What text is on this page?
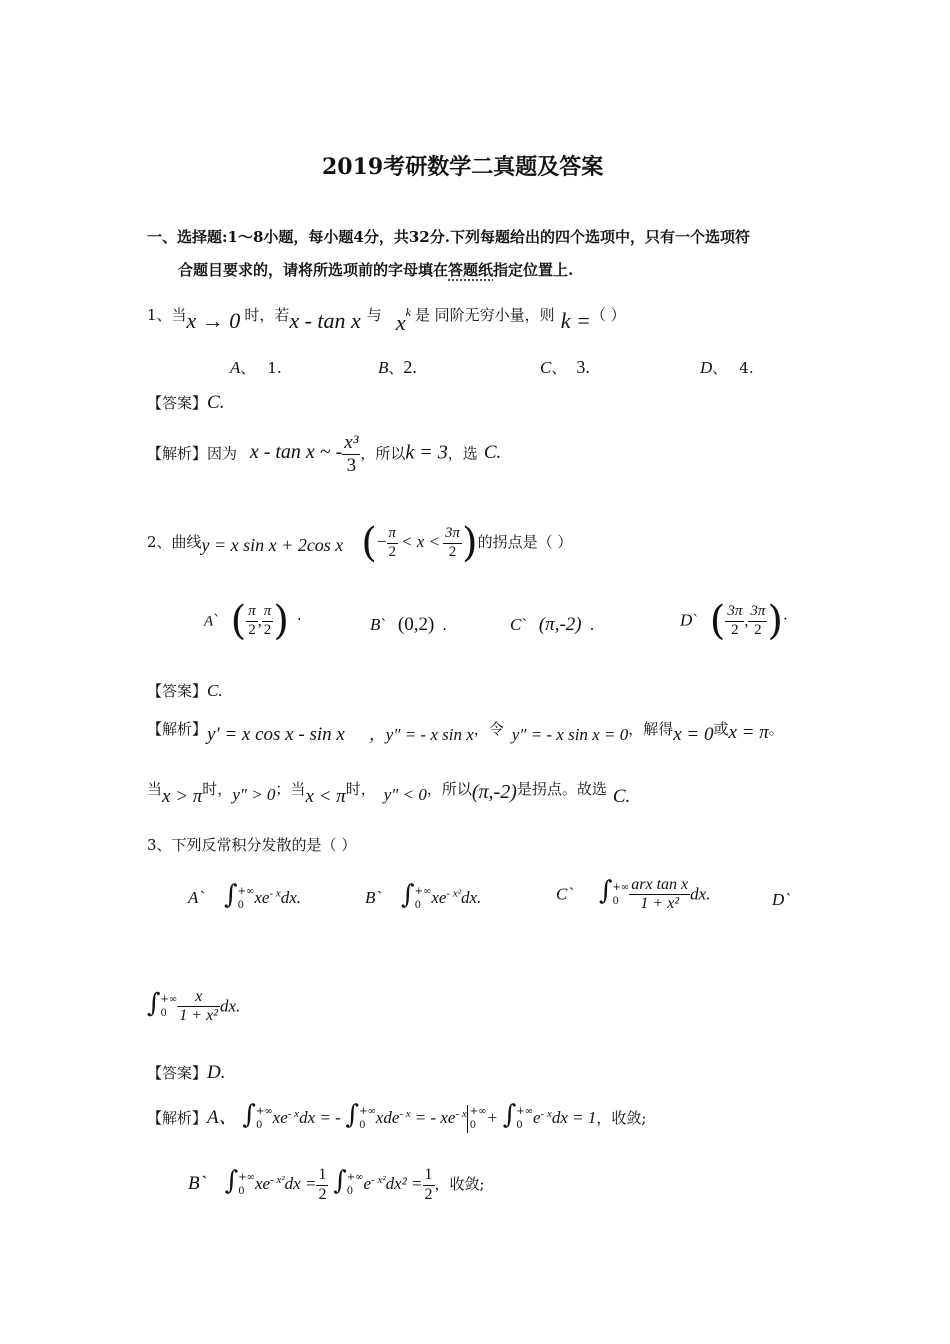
2019考研数学二真题及答案
一、选择题:1～8小题，每小题4分，共32分.下列每题给出的四个选项中，只有一个选项符
合题目要求的，请将所选项前的字母填在答题纸指定位置上.
1、当x → 0 时，若x - tan x 与 $x^k$ 是 同阶无穷小量，则 k =（ ）
A、 1.	B、2.	C、 3.	D、 4.
【答案】C.
【解析】因为 x - tan x ~ - $\frac{\text{x³}}{3}$ ，所以k = 3，选 C.
2、曲线y = x sin x + 2cos x (− $\frac{\pi}{2} < x < \frac{3\pi}{2}$ )的拐点是（ ）
A` ( $\frac{\pi}{2}$ , $\frac{\pi}{2}$ ) .
B` (0,2) .	C` (π,-2) .	D` ( $\frac{3\pi}{2}$ , $\frac{3\pi}{2}$ ).
【答案】C.
【解析】y′ = x cos x - sin x ，y″ = - x sin x，令 y″ = - x sin x = 0，解得x = 0或x = π。
当x > π时，y″ > 0；当x < π时， y″ < 0，所以(π,-2)是拐点。故选 C.
3、下列反常积分发散的是（ ）
A` ∫ +∞
0 $xe^{- x}dx$.	B` ∫ +∞
0 $xe^{- x^2}dx$.	C` ∫ +∞
$0 \frac{\text{arx tan x}}{\text{1 + x²}}$ dx.	D`
∫ +∞
$0 \frac{x}{\text{1 + x²}}$ dx.
【答案】D.
【解析】A、 ∫ +∞
0 $xe^{- x}dx$ = - ∫ +∞
0 xde$^{- x}$ = - $xe^{- x}$ +∞
0 + ∫ +∞
0 $e^{- x}dx = 1$，收敛;
B` ∫ +∞
0 $xe^{- x^2}dx = \frac{1}{2}$ ∫ +∞
0 $e^{- x^2}dx^2 = \frac{1}{2}$ ，收敛;
